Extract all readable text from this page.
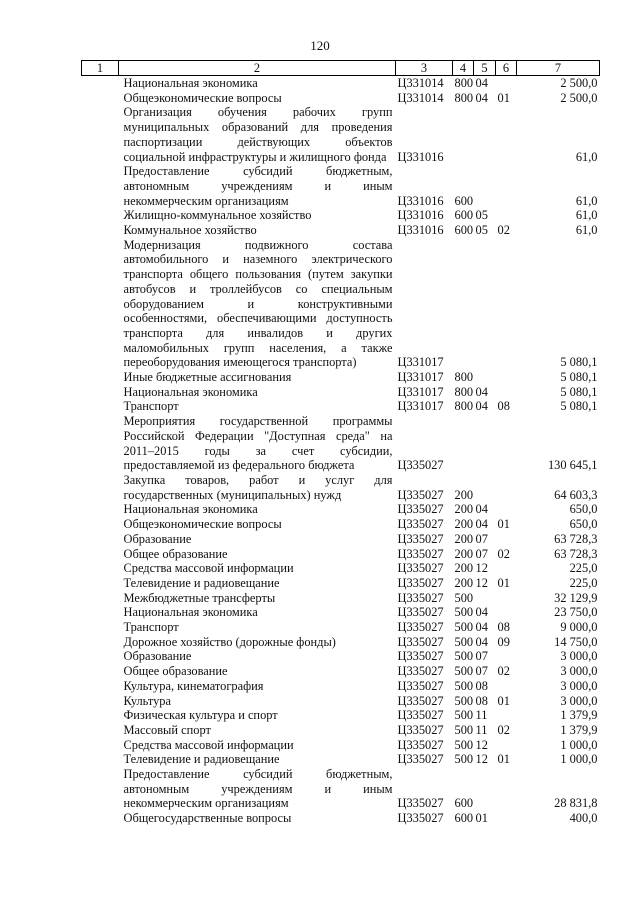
120
1	2	3	4	5	6	7
	Национальная экономика	Ц331014	800	04		2 500,0
	Общеэкономические вопросы	Ц331014	800	04	01	2 500,0
	Организация обучения рабочих групп муниципальных образований для проведения паспортизации действующих объектов социальной инфраструктуры и жилищного фонда	Ц331016				61,0
	Предоставление субсидий бюджетным, автономным учреждениям и иным некоммерческим организациям	Ц331016	600			61,0
	Жилищно-коммунальное хозяйство	Ц331016	600	05		61,0
	Коммунальное хозяйство	Ц331016	600	05	02	61,0
	Модернизация подвижного состава автомобильного и наземного электрического транспорта общего пользования (путем закупки автобусов и троллейбусов со специальным оборудованием и конструктивными особенностями, обеспечивающими доступность транспорта для инвалидов и других маломобильных групп населения, а также переоборудования имеющегося транспорта)	Ц331017				5 080,1
	Иные бюджетные ассигнования	Ц331017	800			5 080,1
	Национальная экономика	Ц331017	800	04		5 080,1
	Транспорт	Ц331017	800	04	08	5 080,1
	Мероприятия государственной программы Российской Федерации "Доступная среда" на 2011–2015 годы за счет субсидии, предоставляемой из федерального бюджета	Ц335027				130 645,1
	Закупка товаров, работ и услуг для государственных (муниципальных) нужд	Ц335027	200			64 603,3
	Национальная экономика	Ц335027	200	04		650,0
	Общеэкономические вопросы	Ц335027	200	04	01	650,0
	Образование	Ц335027	200	07		63 728,3
	Общее образование	Ц335027	200	07	02	63 728,3
	Средства массовой информации	Ц335027	200	12		225,0
	Телевидение и радиовещание	Ц335027	200	12	01	225,0
	Межбюджетные трансферты	Ц335027	500			32 129,9
	Национальная экономика	Ц335027	500	04		23 750,0
	Транспорт	Ц335027	500	04	08	9 000,0
	Дорожное хозяйство (дорожные фонды)	Ц335027	500	04	09	14 750,0
	Образование	Ц335027	500	07		3 000,0
	Общее образование	Ц335027	500	07	02	3 000,0
	Культура, кинематография	Ц335027	500	08		3 000,0
	Культура	Ц335027	500	08	01	3 000,0
	Физическая культура и спорт	Ц335027	500	11		1 379,9
	Массовый спорт	Ц335027	500	11	02	1 379,9
	Средства массовой информации	Ц335027	500	12		1 000,0
	Телевидение и радиовещание	Ц335027	500	12	01	1 000,0
	Предоставление субсидий бюджетным, автономным учреждениям и иным некоммерческим организациям	Ц335027	600			28 831,8
	Общегосударственные вопросы	Ц335027	600	01		400,0
